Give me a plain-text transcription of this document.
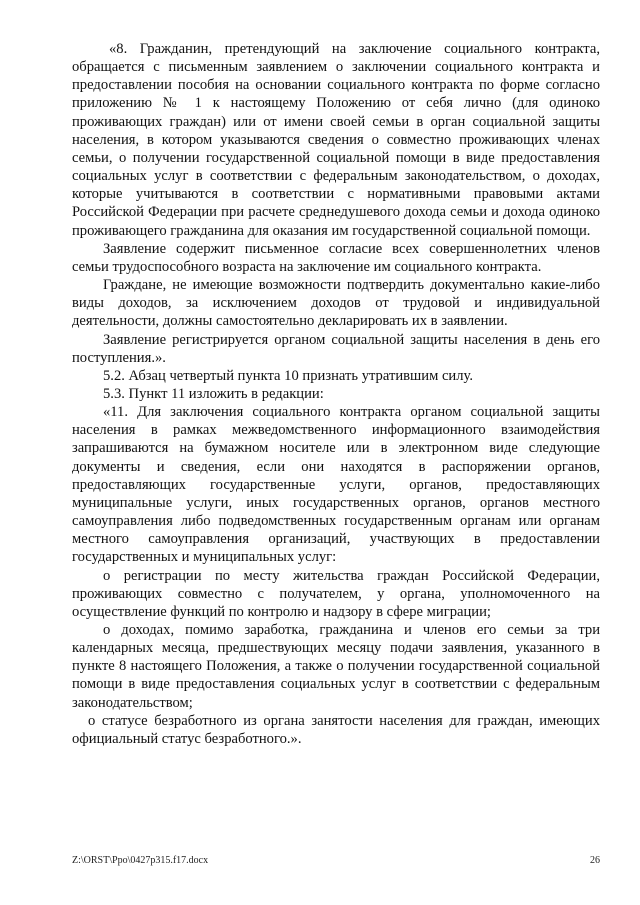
«8. Гражданин, претендующий на заключение социального контракта, обращается с письменным заявлением о заключении социального контракта и предоставлении пособия на основании социального контракта по форме согласно приложению № 1 к настоящему Положению от себя лично (для одиноко проживающих граждан) или от имени своей семьи в орган социальной защиты населения, в котором указываются сведения о совместно проживающих членах семьи, о получении государственной социальной помощи в виде предоставления социальных услуг в соответствии с федеральным законодательством, о доходах, которые учитываются в соответствии с нормативными правовыми актами Российской Федерации при расчете среднедушевого дохода семьи и дохода одиноко проживающего гражданина для оказания им государственной социальной помощи.

Заявление содержит письменное согласие всех совершеннолетних членов семьи трудоспособного возраста на заключение им социального контракта.

Граждане, не имеющие возможности подтвердить документально какие-либо виды доходов, за исключением доходов от трудовой и индивидуальной деятельности, должны самостоятельно декларировать их в заявлении.

Заявление регистрируется органом социальной защиты населения в день его поступления.».

5.2. Абзац четвертый пункта 10 признать утратившим силу.

5.3. Пункт 11 изложить в редакции:

«11. Для заключения социального контракта органом социальной защиты населения в рамках межведомственного информационного взаимодействия запрашиваются на бумажном носителе или в электронном виде следующие документы и сведения, если они находятся в распоряжении органов, предоставляющих государственные услуги, органов, предоставляющих муниципальные услуги, иных государственных органов, органов местного самоуправления либо подведомственных государственным органам или органам местного самоуправления организаций, участвующих в предоставлении государственных и муниципальных услуг:

о регистрации по месту жительства граждан Российской Федерации, проживающих совместно с получателем, у органа, уполномоченного на осуществление функций по контролю и надзору в сфере миграции;

о доходах, помимо заработка, гражданина и членов его семьи за три календарных месяца, предшествующих месяцу подачи заявления, указанного в пункте 8 настоящего Положения, а также о получении государственной социальной помощи в виде предоставления социальных услуг в соответствии с федеральным законодательством;

о статусе безработного из органа занятости населения для граждан, имеющих официальный статус безработного.».

Z:\ORST\Ppo\0427p315.f17.docx	26
